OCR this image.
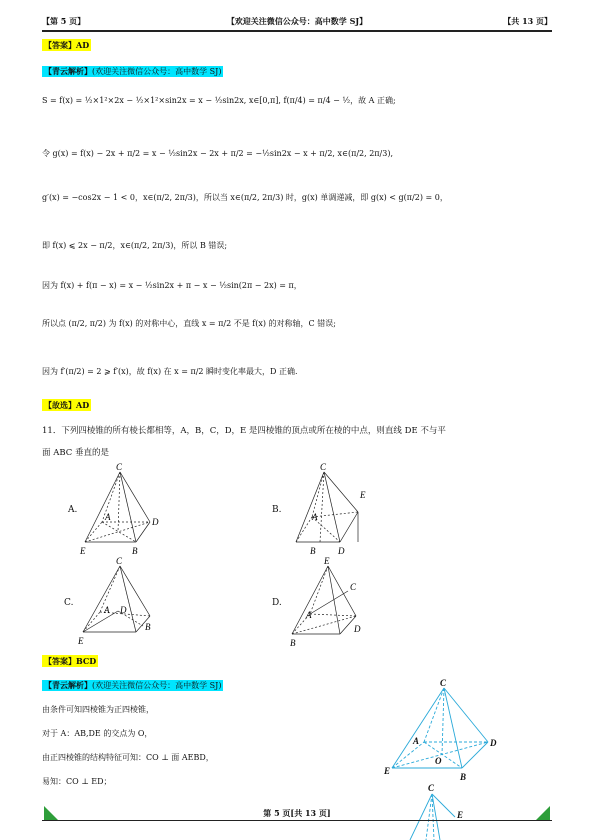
【第 5 页】	【欢迎关注微信公众号：高中数学 SJ】	【共 13 页】
【答案】AD
【青云解析】(欢迎关注微信公众号：高中数学 SJ)
S = f(x) = ½×1²×2x − ½×1²×sin2x = x − ½sin2x, x∈[0,π], f(π/4) = π/4 − ½，故 A 正确;
令 g(x) = f(x) − 2x + π/2 = x − ½sin2x − 2x + π/2 = −½sin2x − x + π/2, x∈(π/2, 2π/3),
g′(x) = −cos2x − 1 < 0，x∈(π/2, 2π/3)，所以当 x∈(π/2, 2π/3) 时，g(x) 单调递减，即 g(x) < g(π/2) = 0，
即 f(x) ⩽ 2x − π/2，x∈(π/2, 2π/3)，所以 B 错误;
因为 f(x) + f(π − x) = x − ½sin2x + π − x − ½sin(2π − 2x) = π，
所以点 (π/2, π/2) 为 f(x) 的对称中心，直线 x = π/2 不是 f(x) 的对称轴，C 错误;
因为 f′(π/2) = 2 ⩾ f′(x)，故 f(x) 在 x = π/2 瞬时变化率最大，D 正确.
【故选】AD
11．下列四棱锥的所有棱长都相等，A，B，C，D，E 是四棱锥的顶点或所在棱的中点，则直线 DE 不与平
面 ABC 垂直的是
A.	B.
C.	D.
C
A	D
E	B
C
E
A
B	D
C
A D
B
E
E
C
A
D
B
【答案】BCD
【青云解析】(欢迎关注微信公众号：高中数学 SJ)
由条件可知四棱锥为正四棱锥，
对于 A：AB,DE 的交点为 O，
由正四棱锥的结构特征可知：CO ⊥ 面 AEBD，
易知：CO ⊥ ED；
C
A	D
E
B
O
C
E
第 5 页[共 13 页]
